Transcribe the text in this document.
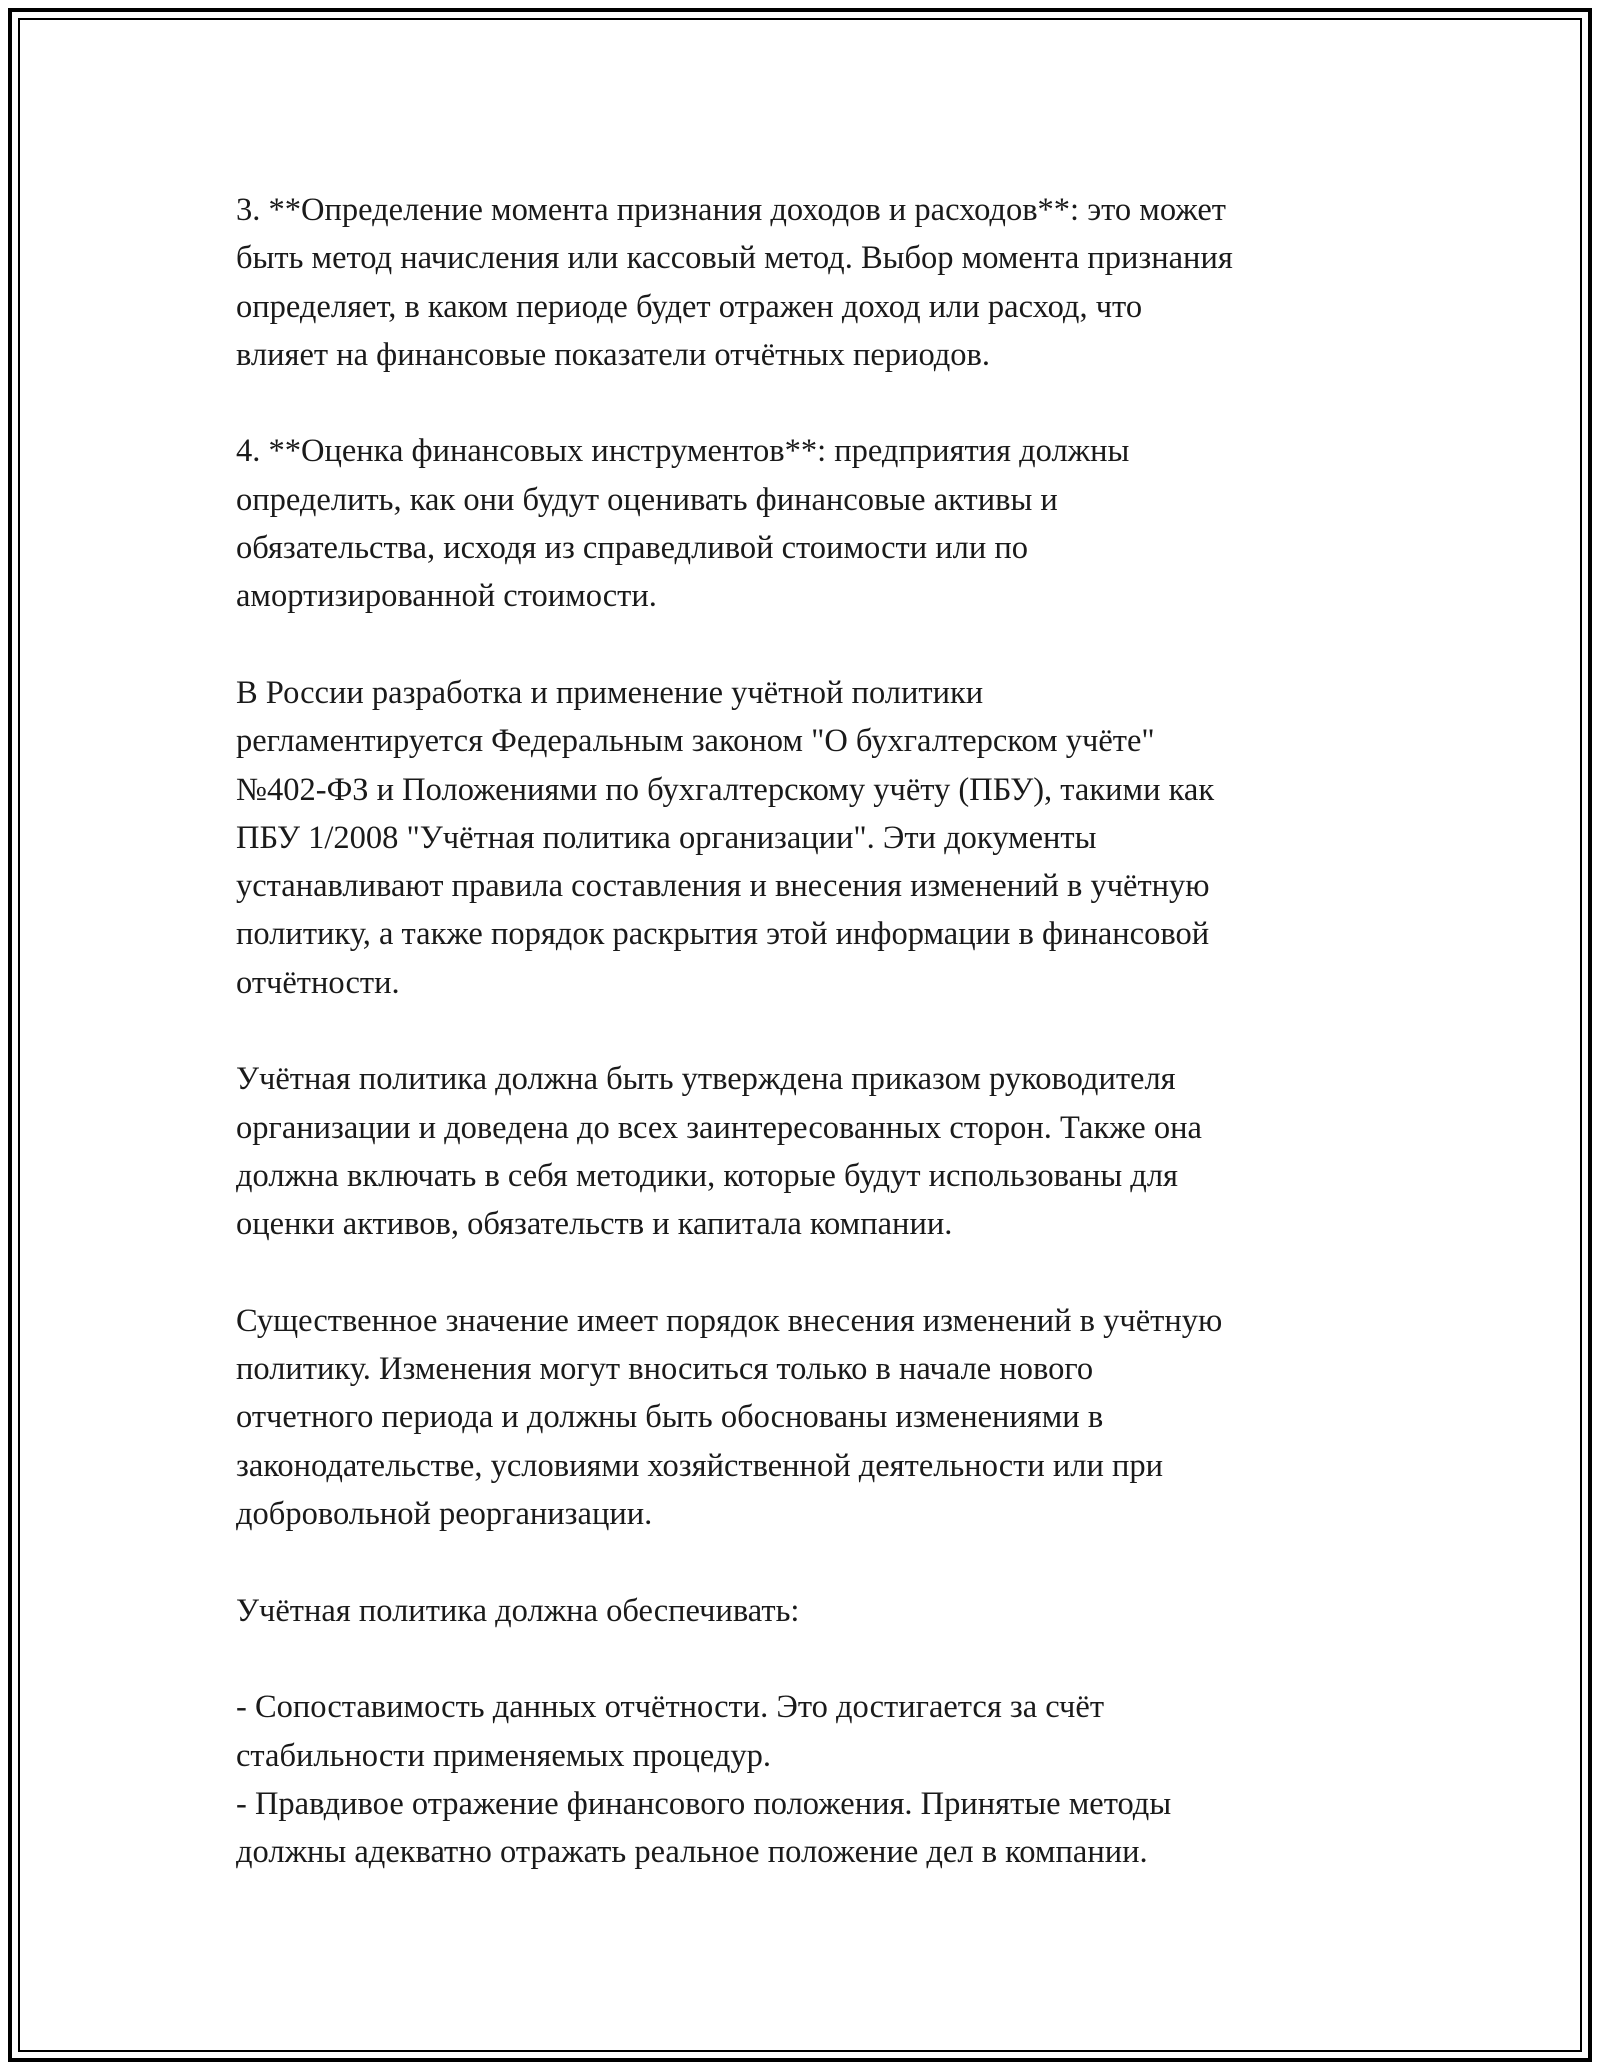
3. **Определение момента признания доходов и расходов**: это может
быть метод начисления или кассовый метод. Выбор момента признания
определяет, в каком периоде будет отражен доход или расход, что
влияет на финансовые показатели отчётных периодов.
4. **Оценка финансовых инструментов**: предприятия должны
определить, как они будут оценивать финансовые активы и
обязательства, исходя из справедливой стоимости или по
амортизированной стоимости.
В России разработка и применение учётной политики
регламентируется Федеральным законом "О бухгалтерском учёте"
№402-ФЗ и Положениями по бухгалтерскому учёту (ПБУ), такими как
ПБУ 1/2008 "Учётная политика организации". Эти документы
устанавливают правила составления и внесения изменений в учётную
политику, а также порядок раскрытия этой информации в финансовой
отчётности.
Учётная политика должна быть утверждена приказом руководителя
организации и доведена до всех заинтересованных сторон. Также она
должна включать в себя методики, которые будут использованы для
оценки активов, обязательств и капитала компании.
Существенное значение имеет порядок внесения изменений в учётную
политику. Изменения могут вноситься только в начале нового
отчетного периода и должны быть обоснованы изменениями в
законодательстве, условиями хозяйственной деятельности или при
добровольной реорганизации.
Учётная политика должна обеспечивать:
- Сопоставимость данных отчётности. Это достигается за счёт
стабильности применяемых процедур.
- Правдивое отражение финансового положения. Принятые методы
должны адекватно отражать реальное положение дел в компании.
